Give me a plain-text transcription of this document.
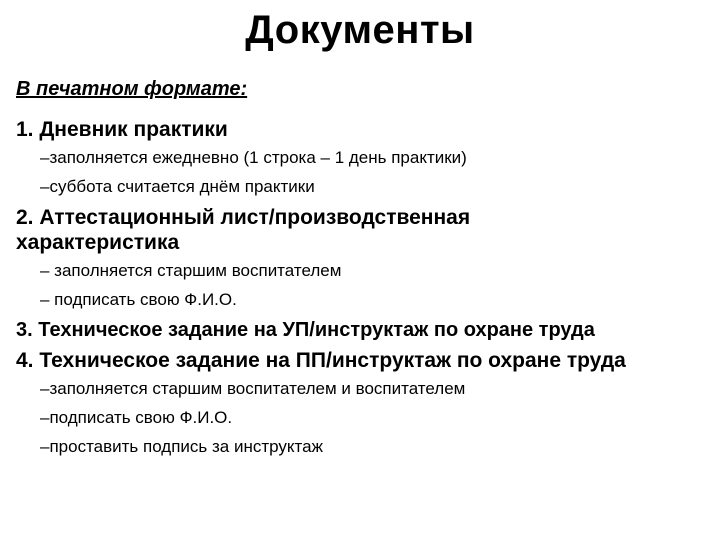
Документы
В печатном формате:
1. Дневник практики
–заполняется ежедневно (1 строка – 1 день практики)
–суббота считается днём практики
2. Аттестационный лист/производственная характеристика
– заполняется старшим воспитателем
– подписать свою Ф.И.О.
3. Техническое задание на УП/инструктаж по охране труда
4. Техническое задание на ПП/инструктаж по охране труда
–заполняется старшим воспитателем и воспитателем
–подписать свою Ф.И.О.
–проставить подпись за инструктаж
